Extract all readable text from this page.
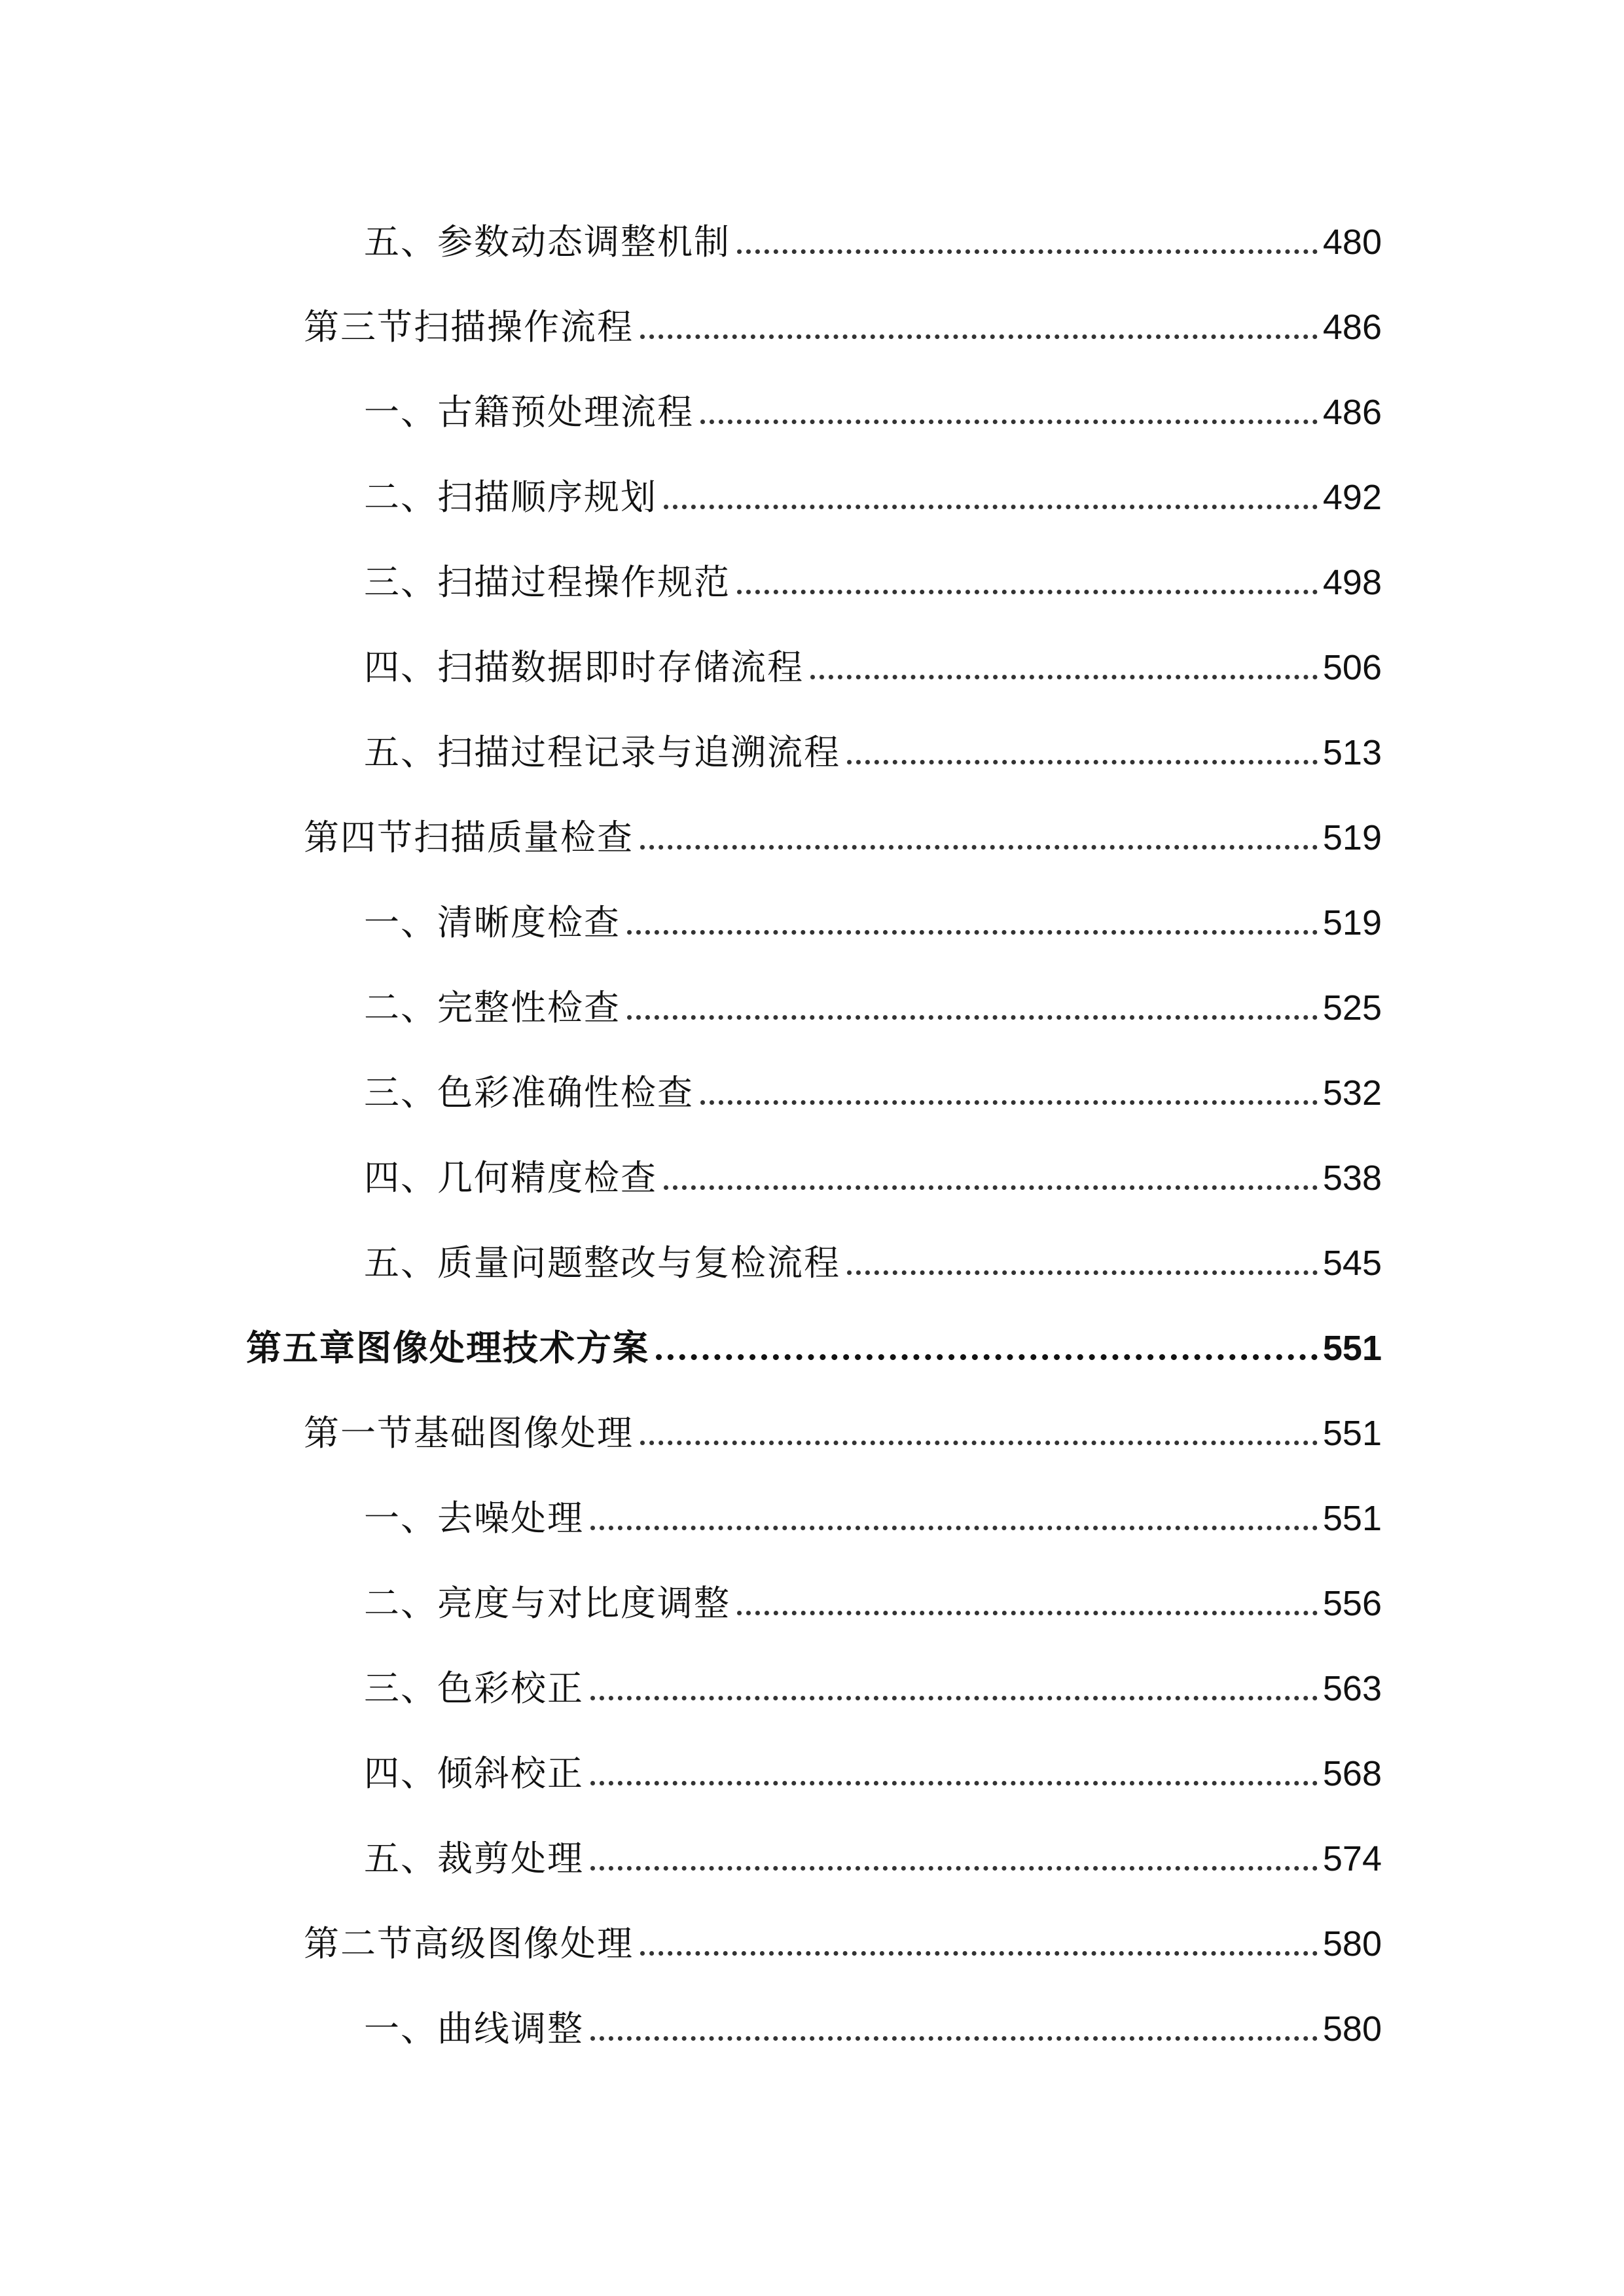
五、参数动态调整机制	480
第三节扫描操作流程	486
一、古籍预处理流程	486
二、扫描顺序规划	492
三、扫描过程操作规范	498
四、扫描数据即时存储流程	506
五、扫描过程记录与追溯流程	513
第四节扫描质量检查	519
一、清晰度检查	519
二、完整性检查	525
三、色彩准确性检查	532
四、几何精度检查	538
五、质量问题整改与复检流程	545
第五章图像处理技术方案	551
第一节基础图像处理	551
一、去噪处理	551
二、亮度与对比度调整	556
三、色彩校正	563
四、倾斜校正	568
五、裁剪处理	574
第二节高级图像处理	580
一、曲线调整	580
